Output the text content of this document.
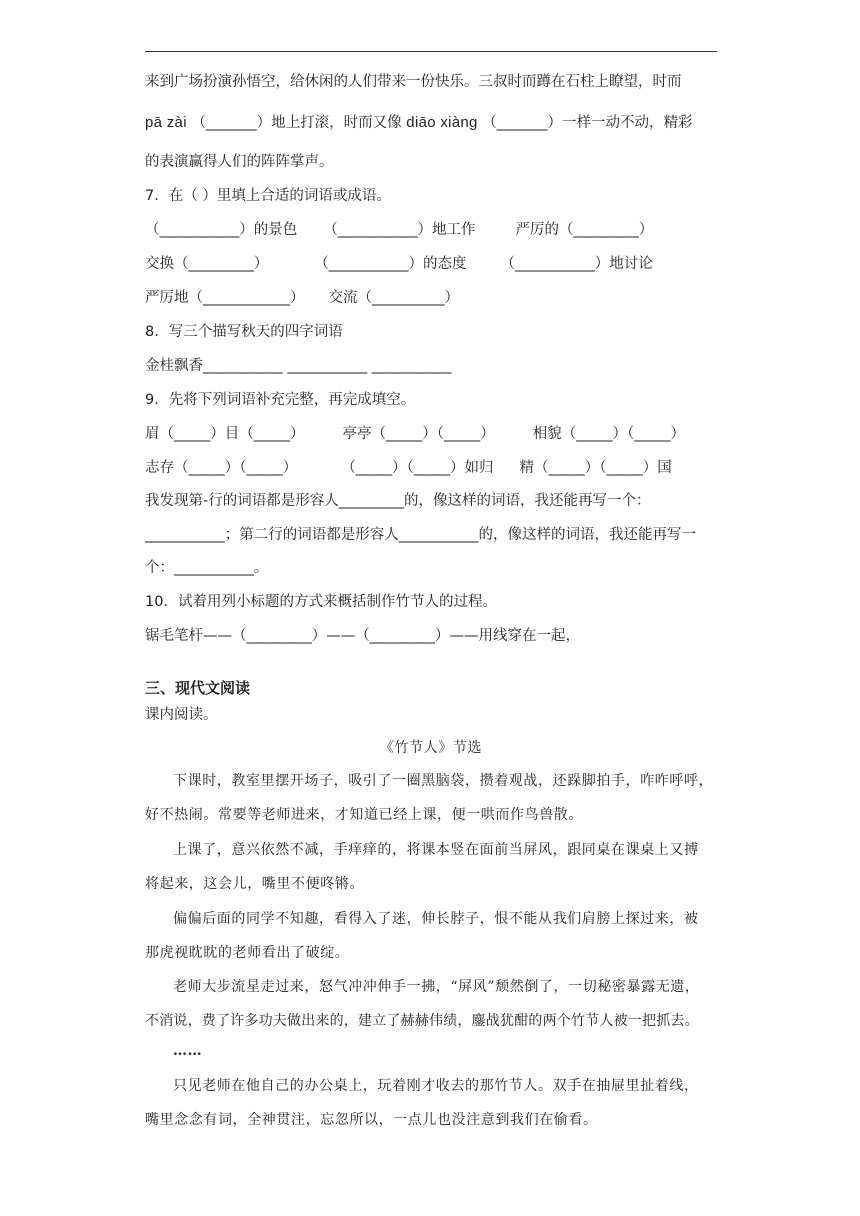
来到广场扮演孙悟空，给休闲的人们带来一份快乐。三叔时而蹲在石柱上瞭望，时而
pā zài （_______）地上打滚，时而又像 diāo xiàng （_______）一样一动不动，精彩
的表演赢得人们的阵阵掌声。
7．在（ ）里填上合适的词语或成语。
（___________）的景色 （___________）地工作	严厉的（_________）
交换（_________）	（___________）的态度 （___________）地讨论
严厉地（____________） 交流（__________）
8．写三个描写秋天的四字词语
金桂飘香___________ ___________ ___________
9．先将下列词语补充完整，再完成填空。
眉（_____）目（_____）	亭亭（_____）（_____）	相貌（_____）（_____）
志存（_____）（_____）	（_____）（_____）如归 精（_____）（_____）国
我发现第-行的词语都是形容人_________的，像这样的词语，我还能再写一个：
___________；第二行的词语都是形容人___________的，像这样的词语，我还能再写一
个：___________。
10．试着用列小标题的方式来概括制作竹节人的过程。
锯毛笔杆——（_________）——（_________）——用线穿在一起，
三、现代文阅读
课内阅读。
《竹节人》节选
下课时，教室里摆开场子，吸引了一圈黑脑袋，攒着观战，还跺脚拍手，咋咋呼呼，
好不热闹。常要等老师进来，才知道已经上课，便一哄而作鸟兽散。
上课了，意兴依然不减，手痒痒的，将课本竖在面前当屏风，跟同桌在课桌上又搏
将起来，这会儿，嘴里不便咚锵。
偏偏后面的同学不知趣，看得入了迷，伸长脖子，恨不能从我们肩膀上探过来，被
那虎视眈眈的老师看出了破绽。
老师大步流星走过来，怒气冲冲伸手一拂，“屏风”颓然倒了，一切秘密暴露无遗，
不消说，费了许多功夫做出来的，建立了赫赫伟绩，鏖战犹酣的两个竹节人被一把抓去。
……
只见老师在他自己的办公桌上，玩着刚才收去的那竹节人。双手在抽屉里扯着线，
嘴里念念有词，全神贯注，忘忽所以，一点儿也没注意到我们在偷看。
